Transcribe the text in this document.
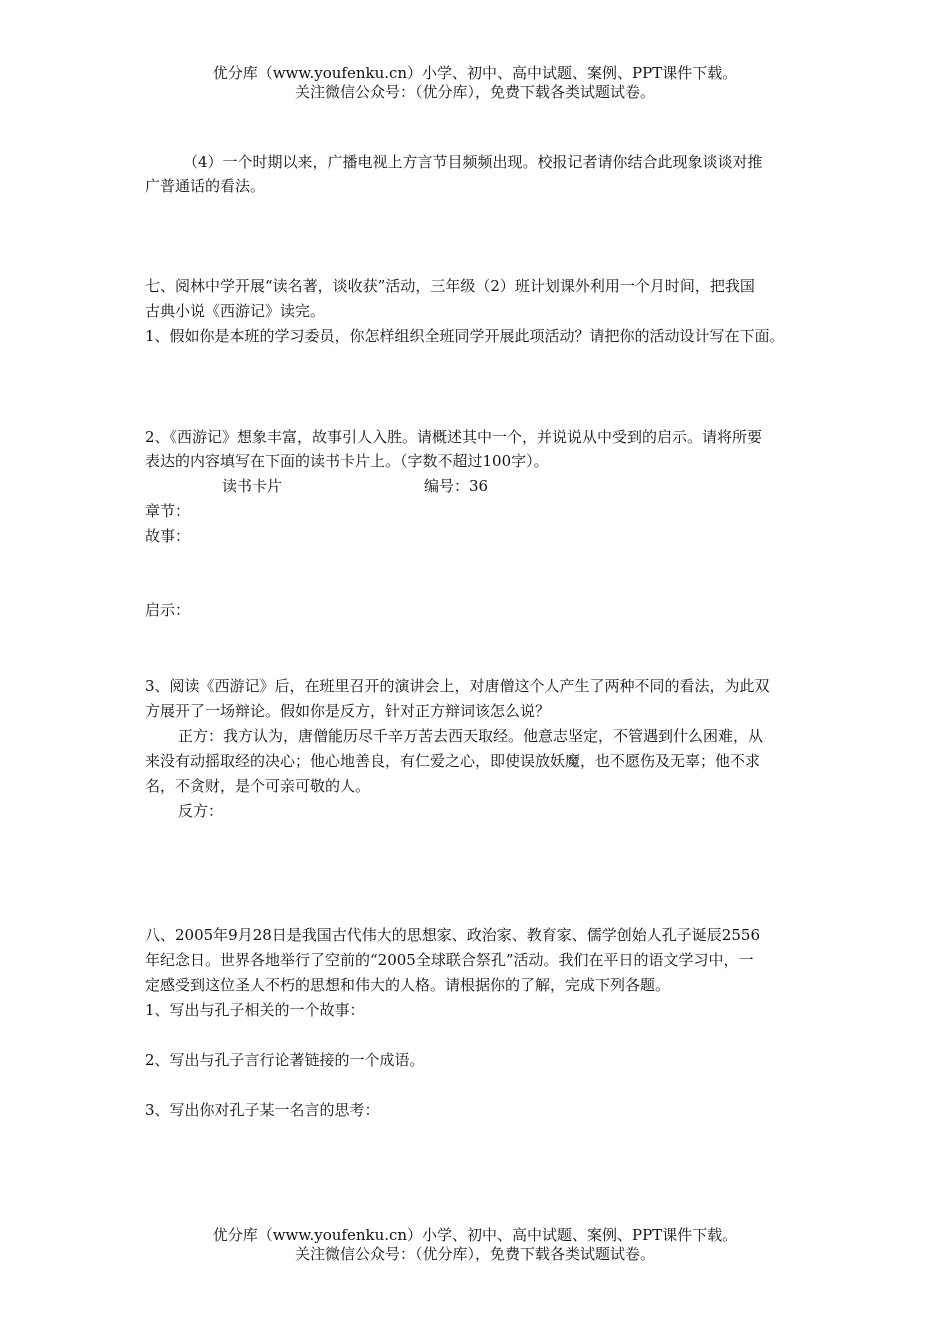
优分库（www.youfenku.cn）小学、初中、高中试题、案例、PPT课件下载。
关注微信公众号：（优分库），免费下载各类试题试卷。
（4）一个时期以来，广播电视上方言节目频频出现。校报记者请你结合此现象谈谈对推
广普通话的看法。
七、阅林中学开展“读名著，谈收获”活动，三年级（2）班计划课外利用一个月时间，把我国
古典小说《西游记》读完。
1、假如你是本班的学习委员，你怎样组织全班同学开展此项活动？请把你的活动设计写在下面。
2、《西游记》想象丰富，故事引人入胜。请概述其中一个，并说说从中受到的启示。请将所要
表达的内容填写在下面的读书卡片上。（字数不超过100字）。
读书卡片	编号：36
章节：
故事：
启示：
3、阅读《西游记》后，在班里召开的演讲会上，对唐僧这个人产生了两种不同的看法，为此双
方展开了一场辩论。假如你是反方，针对正方辩词该怎么说？
正方：我方认为，唐僧能历尽千辛万苦去西天取经。他意志坚定，不管遇到什么困难，从
来没有动摇取经的决心；他心地善良，有仁爱之心，即使误放妖魔，也不愿伤及无辜；他不求
名，不贪财，是个可亲可敬的人。
反方：
八、2005年9月28日是我国古代伟大的思想家、政治家、教育家、儒学创始人孔子诞辰2556
年纪念日。世界各地举行了空前的“2005全球联合祭孔”活动。我们在平日的语文学习中，一
定感受到这位圣人不朽的思想和伟大的人格。请根据你的了解，完成下列各题。
1、写出与孔子相关的一个故事：
2、写出与孔子言行论著链接的一个成语。
3、写出你对孔子某一名言的思考：
优分库（www.youfenku.cn）小学、初中、高中试题、案例、PPT课件下载。
关注微信公众号：（优分库），免费下载各类试题试卷。
